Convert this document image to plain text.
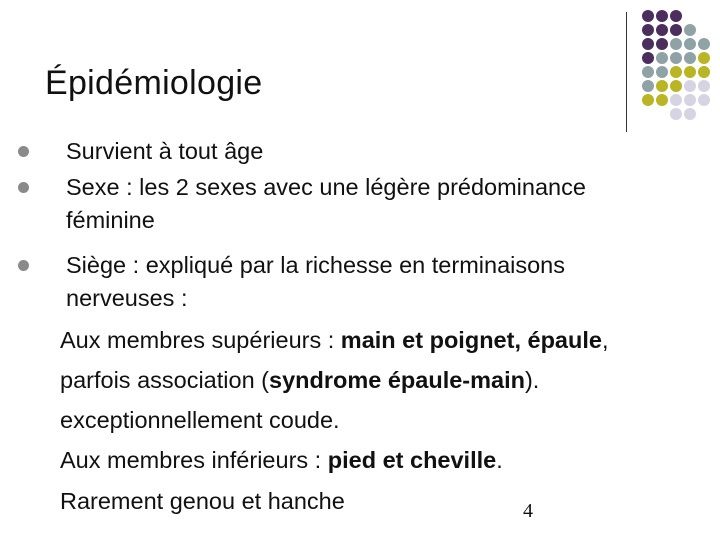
Épidémiologie
Survient à tout âge
Sexe : les 2 sexes avec une légère prédominance
féminine
Siège : expliqué par la richesse en terminaisons
nerveuses :
Aux membres supérieurs : main et poignet, épaule,
parfois association (syndrome épaule-main).
exceptionnellement coude.
Aux membres inférieurs : pied et cheville.
Rarement genou et hanche	4
